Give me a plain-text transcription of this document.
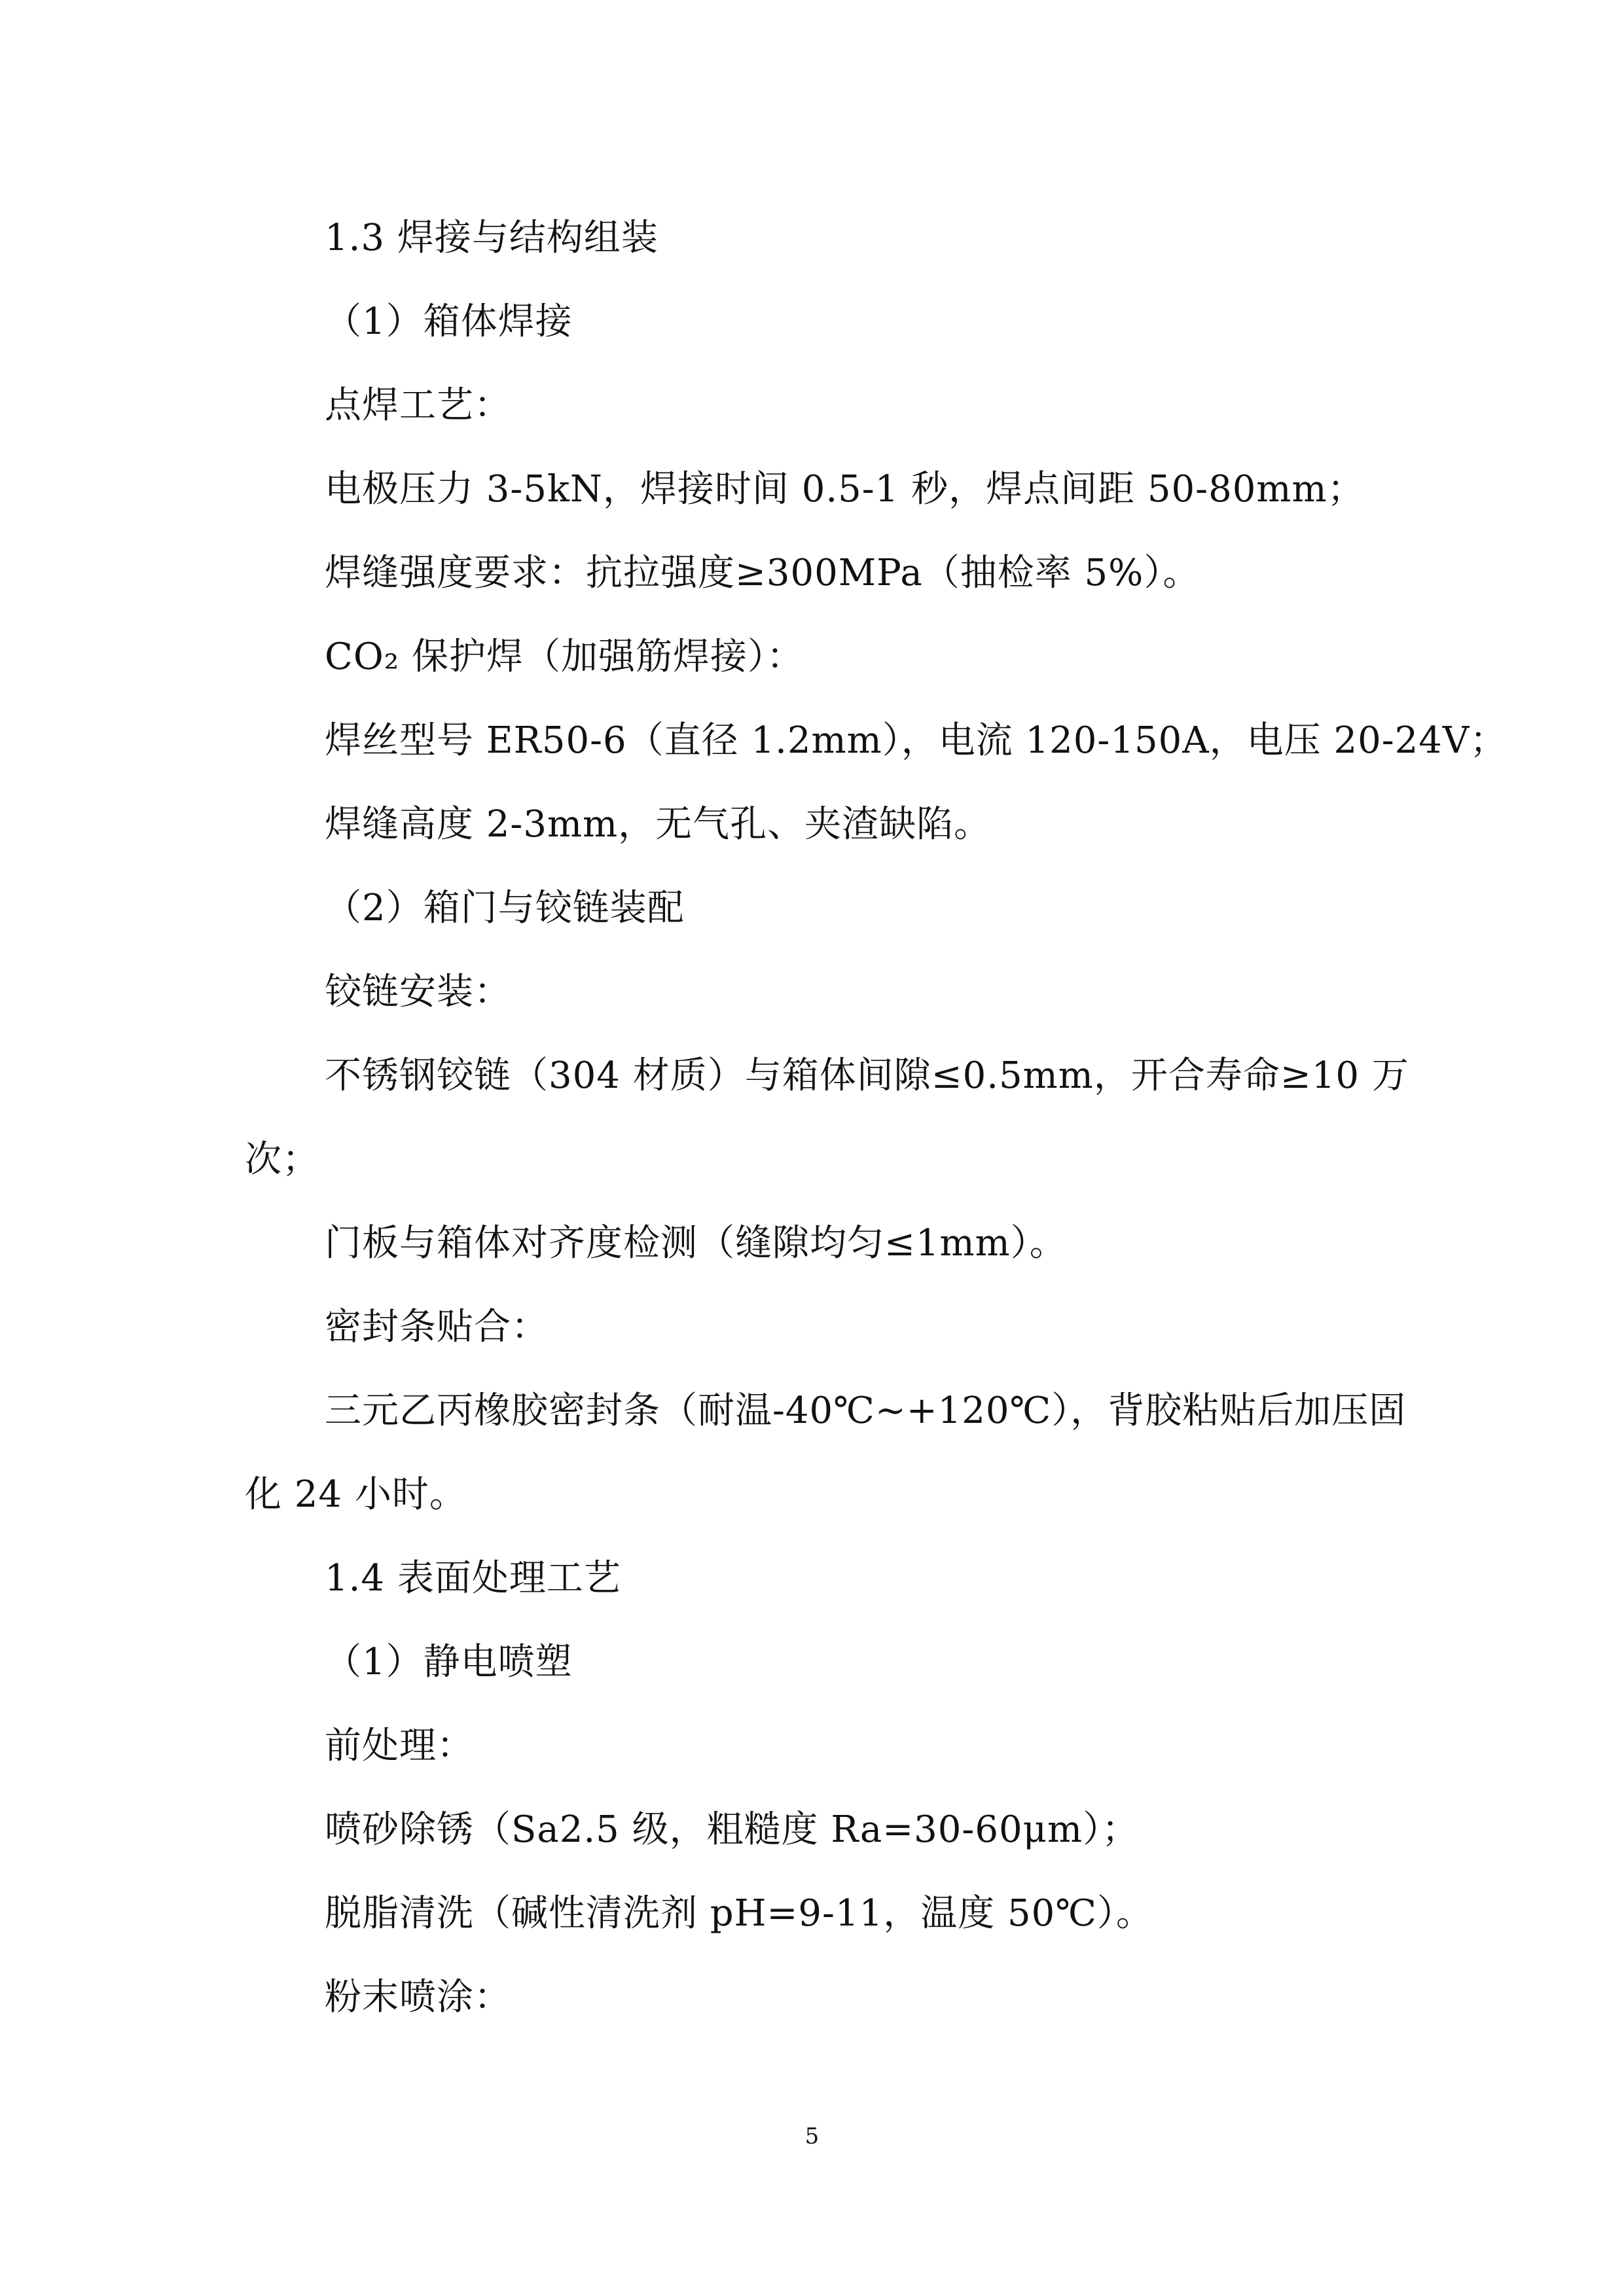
1.3 焊接与结构组装
（1）箱体焊接
点焊工艺：
电极压力 3-5kN，焊接时间 0.5-1 秒，焊点间距 50-80mm；
焊缝强度要求：抗拉强度≥300MPa（抽检率 5%）。
CO₂ 保护焊（加强筋焊接）：
焊丝型号 ER50-6（直径 1.2mm），电流 120-150A，电压 20-24V；
焊缝高度 2-3mm，无气孔、夹渣缺陷。
（2）箱门与铰链装配
铰链安装：
不锈钢铰链（304 材质）与箱体间隙≤0.5mm，开合寿命≥10 万
次；
门板与箱体对齐度检测（缝隙均匀≤1mm）。
密封条贴合：
三元乙丙橡胶密封条（耐温-40℃~+120℃），背胶粘贴后加压固
化 24 小时。
1.4 表面处理工艺
（1）静电喷塑
前处理：
喷砂除锈（Sa2.5 级，粗糙度 Ra=30-60μm）；
脱脂清洗（碱性清洗剂 pH=9-11，温度 50℃）。
粉末喷涂：
5
